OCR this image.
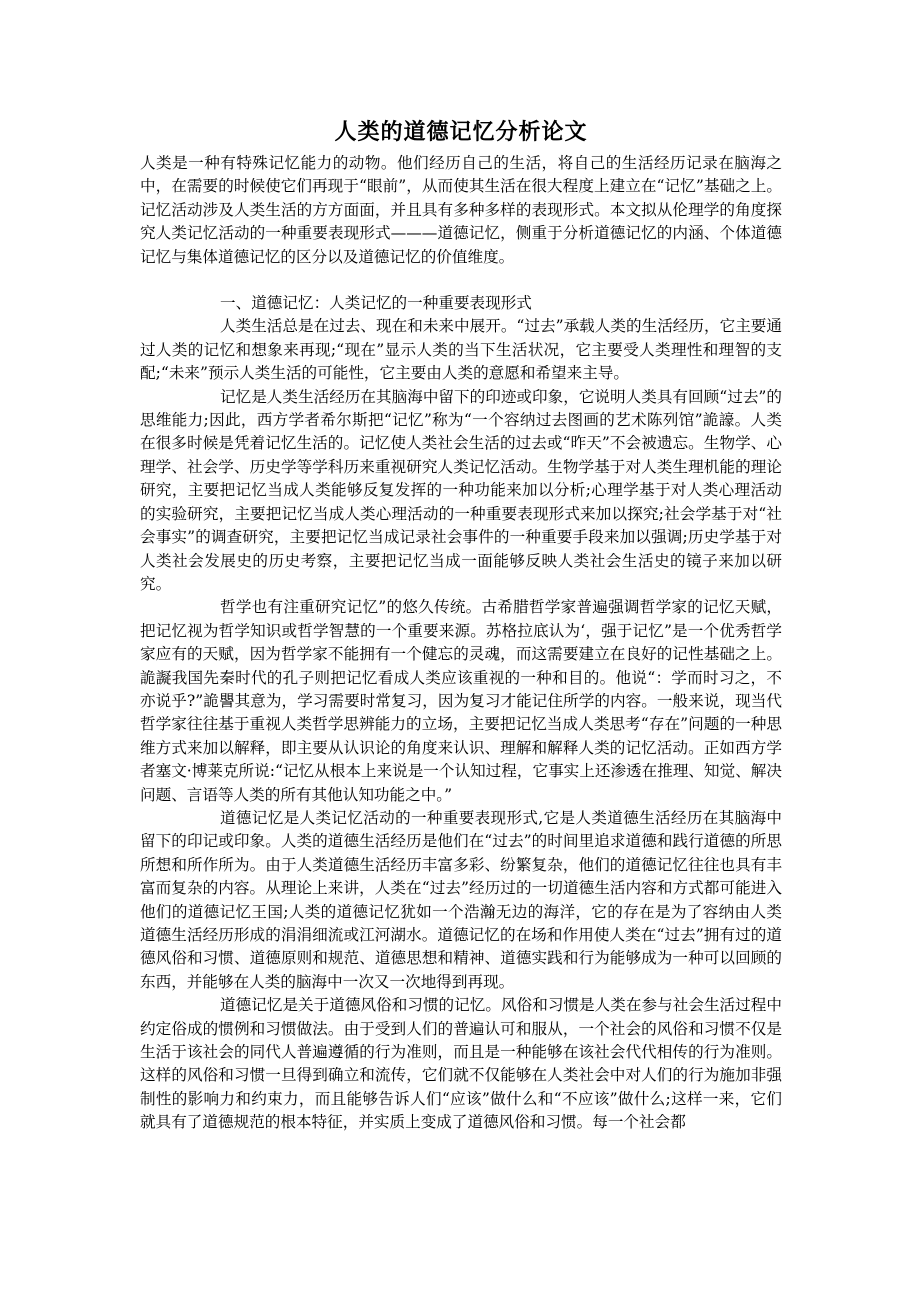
人类的道德记忆分析论文

人类是一种有特殊记忆能力的动物。他们经历自己的生活，将自己的生活经历记录在脑海之中，在需要的时候使它们再现于“眼前”，从而使其生活在很大程度上建立在“记忆”基础之上。记忆活动涉及人类生活的方方面面，并且具有多种多样的表现形式。本文拟从伦理学的角度探究人类记忆活动的一种重要表现形式———道德记忆，侧重于分析道德记忆的内涵、个体道德记忆与集体道德记忆的区分以及道德记忆的价值维度。

一、道德记忆：人类记忆的一种重要表现形式

人类生活总是在过去、现在和未来中展开。“过去”承载人类的生活经历，它主要通过人类的记忆和想象来再现;“现在”显示人类的当下生活状况，它主要受人类理性和理智的支配;“未来”预示人类生活的可能性，它主要由人类的意愿和希望来主导。

记忆是人类生活经历在其脑海中留下的印迹或印象，它说明人类具有回顾“过去”的思维能力;因此，西方学者希尔斯把“记忆”称为“一个容纳过去图画的艺术陈列馆”詭譹。人类在很多时候是凭着记忆生活的。记忆使人类社会生活的过去或“昨天”不会被遗忘。生物学、心理学、社会学、历史学等学科历来重视研究人类记忆活动。生物学基于对人类生理机能的理论研究，主要把记忆当成人类能够反复发挥的一种功能来加以分析;心理学基于对人类心理活动的实验研究，主要把记忆当成人类心理活动的一种重要表现形式来加以探究;社会学基于对“社会事实”的调查研究，主要把记忆当成记录社会事件的一种重要手段来加以强调;历史学基于对人类社会发展史的历史考察，主要把记忆当成一面能够反映人类社会生活史的镜子来加以研究。

哲学也有注重研究记忆”的悠久传统。古希腊哲学家普遍强调哲学家的记忆天赋，把记忆视为哲学知识或哲学智慧的一个重要来源。苏格拉底认为‘，强于记忆”是一个优秀哲学家应有的天赋，因为哲学家不能拥有一个健忘的灵魂，而这需要建立在良好的记性基础之上。詭譺我国先秦时代的孔子则把记忆看成人类应该重视的一种和目的。他说“：学而时习之，不亦说乎?”詭譻其意为，学习需要时常复习，因为复习才能记住所学的内容。一般来说，现当代哲学家往往基于重视人类哲学思辨能力的立场，主要把记忆当成人类思考“存在”问题的一种思维方式来加以解释，即主要从认识论的角度来认识、理解和解释人类的记忆活动。正如西方学者塞文·博莱克所说:“记忆从根本上来说是一个认知过程，它事实上还渗透在推理、知觉、解决问题、言语等人类的所有其他认知功能之中。”

道德记忆是人类记忆活动的一种重要表现形式,它是人类道德生活经历在其脑海中留下的印记或印象。人类的道德生活经历是他们在“过去”的时间里追求道德和践行道德的所思所想和所作所为。由于人类道德生活经历丰富多彩、纷繁复杂，他们的道德记忆往往也具有丰富而复杂的内容。从理论上来讲，人类在“过去”经历过的一切道德生活内容和方式都可能进入他们的道德记忆王国;人类的道德记忆犹如一个浩瀚无边的海洋，它的存在是为了容纳由人类道德生活经历形成的涓涓细流或江河湖水。道德记忆的在场和作用使人类在“过去”拥有过的道德风俗和习惯、道德原则和规范、道德思想和精神、道德实践和行为能够成为一种可以回顾的东西，并能够在人类的脑海中一次又一次地得到再现。

道德记忆是关于道德风俗和习惯的记忆。风俗和习惯是人类在参与社会生活过程中约定俗成的惯例和习惯做法。由于受到人们的普遍认可和服从，一个社会的风俗和习惯不仅是生活于该社会的同代人普遍遵循的行为准则，而且是一种能够在该社会代代相传的行为准则。这样的风俗和习惯一旦得到确立和流传，它们就不仅能够在人类社会中对人们的行为施加非强制性的影响力和约束力，而且能够告诉人们“应该”做什么和“不应该”做什么;这样一来，它们就具有了道德规范的根本特征，并实质上变成了道德风俗和习惯。每一个社会都
